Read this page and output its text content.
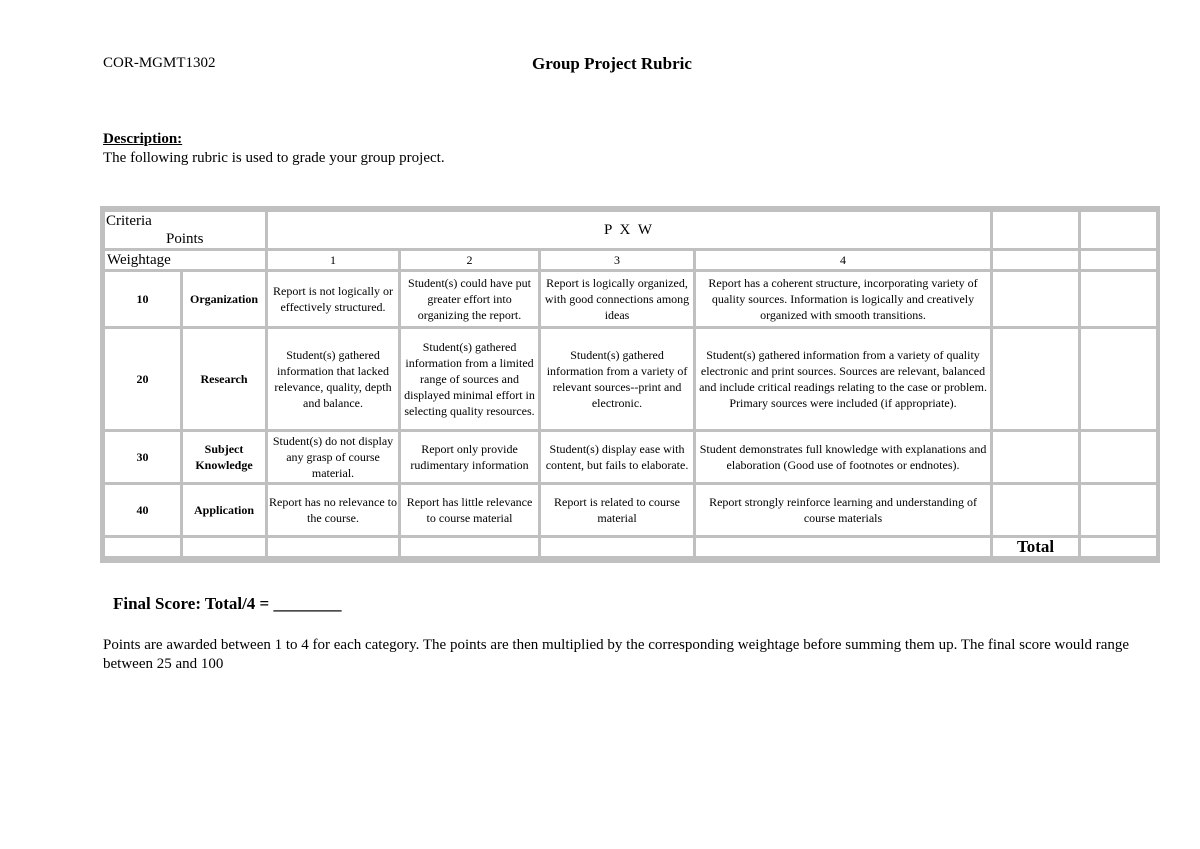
COR-MGMT1302	Group Project Rubric
Description:
The following rubric is used to grade your group project.
Criteria
Points		P X W					
Weightage		1	2	3	4		
10	Organization	Report is not logically or effectively structured.	Student(s) could have put greater effort into organizing the report.	Report is logically organized, with good connections among ideas	Report has a coherent structure, incorporating variety of quality sources. Information is logically and creatively organized with smooth transitions.		
20	Research	Student(s) gathered information that lacked relevance, quality, depth and balance.	Student(s) gathered information from a limited range of sources and displayed minimal effort in selecting quality resources.	Student(s) gathered information from a variety of relevant sources--print and electronic.	Student(s) gathered information from a variety of quality electronic and print sources. Sources are relevant, balanced and include critical readings relating to the case or problem. Primary sources were included (if appropriate).		
30	Subject Knowledge	Student(s) do not display any grasp of course material.	Report only provide rudimentary information	Student(s) display ease with content, but fails to elaborate.	Student demonstrates full knowledge with explanations and elaboration (Good use of footnotes or endnotes).		
40	Application	Report has no relevance to the course.	Report has little relevance to course material	Report is related to course material	Report strongly reinforce learning and understanding of course materials		
						Total	
Final Score: Total/4 = ________
Points are awarded between 1 to 4 for each category. The points are then multiplied by the corresponding weightage before summing them up. The final score would range between 25 and 100
